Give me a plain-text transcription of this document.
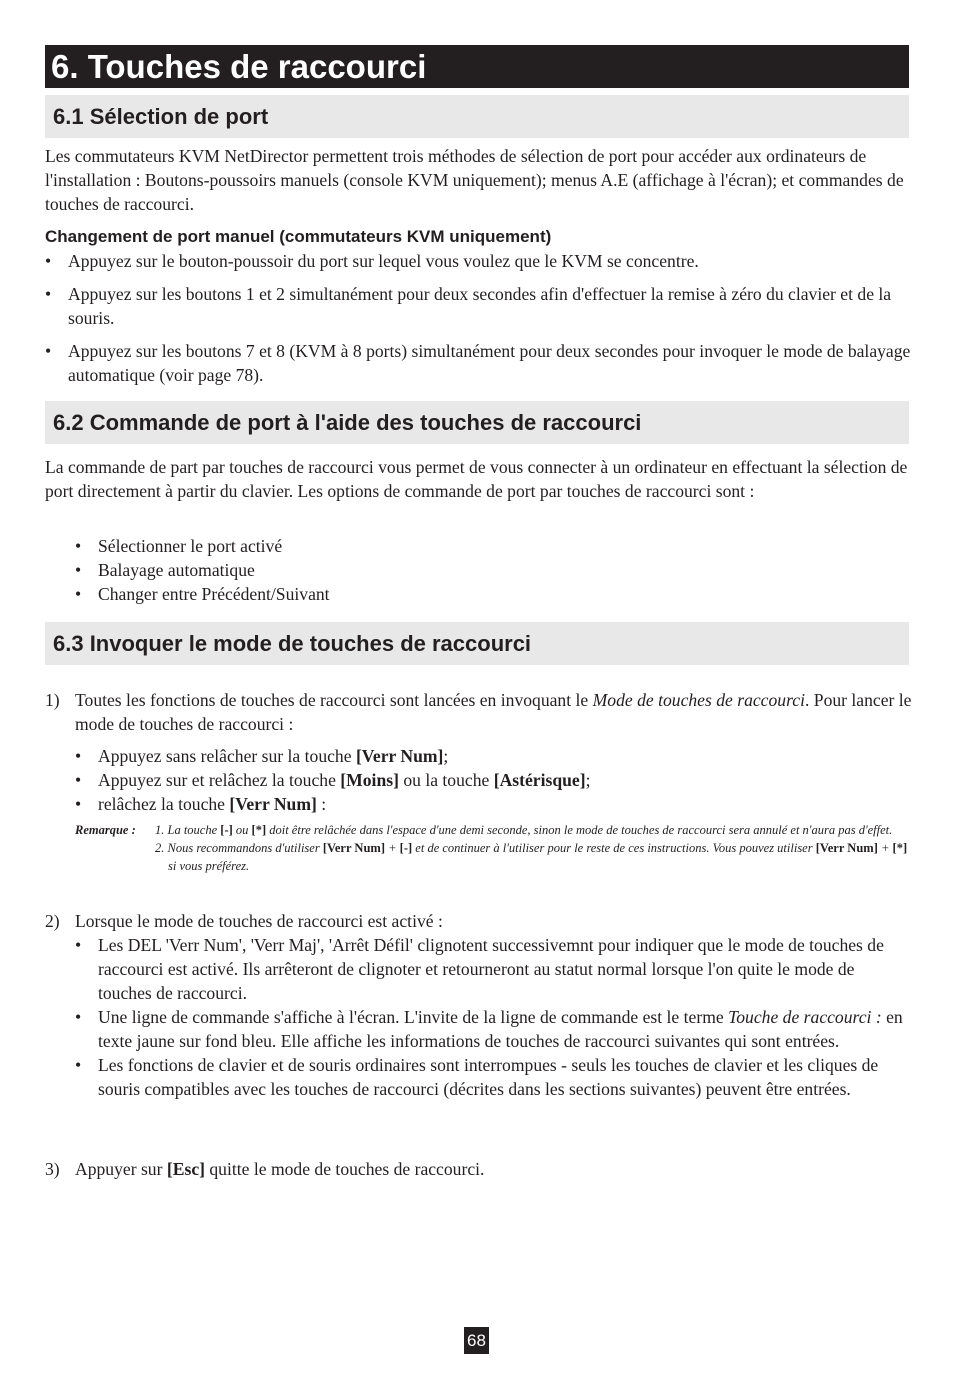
6. Touches de raccourci
6.1 Sélection de port

Les commutateurs KVM NetDirector permettent trois méthodes de sélection de port pour accéder aux ordinateurs de l'installation : Boutons-poussoirs manuels (console KVM uniquement); menus A.E (affichage à l'écran); et commandes de touches de raccourci.

Changement de port manuel (commutateurs KVM uniquement)
• Appuyez sur le bouton-poussoir du port sur lequel vous voulez que le KVM se concentre.
• Appuyez sur les boutons 1 et 2 simultanément pour deux secondes afin d'effectuer la remise à zéro du clavier et de la souris.
• Appuyez sur les boutons 7 et 8 (KVM à 8 ports) simultanément pour deux secondes pour invoquer le mode de balayage automatique (voir page 78).
6.2 Commande de port à l'aide des touches de raccourci

La commande de part par touches de raccourci vous permet de vous connecter à un ordinateur en effectuant la sélection de port directement à partir du clavier. Les options de commande de port par touches de raccourci sont :

• Sélectionner le port activé
• Balayage automatique
• Changer entre Précédent/Suivant
6.3 Invoquer le mode de touches de raccourci
1) Toutes les fonctions de touches de raccourci sont lancées en invoquant le Mode de touches de raccourci. Pour lancer le mode de touches de raccourci :

• Appuyez sans relâcher sur la touche [Verr Num];
• Appuyez sur et relâchez la touche [Moins] ou la touche [Astérisque];
• relâchez la touche [Verr Num] :
Remarque : 1. La touche [-] ou [*] doit être relâchée dans l'espace d'une demi seconde, sinon le mode de touches de raccourci sera annulé et n'aura pas d'effet.
2. Nous recommandons d'utiliser [Verr Num] + [-] et de continuer à l'utiliser pour le reste de ces instructions. Vous pouvez utiliser [Verr Num] + [*] si vous préférez.
2) Lorsque le mode de touches de raccourci est activé :

• Les DEL 'Verr Num', 'Verr Maj', 'Arrêt Défil' clignotent successivemnt pour indiquer que le mode de touches de raccourci est activé. Ils arrêteront de clignoter et retourneront au statut normal lorsque l'on quite le mode de touches de raccourci.
• Une ligne de commande s'affiche à l'écran. L'invite de la ligne de commande est le terme Touche de raccourci : en texte jaune sur fond bleu. Elle affiche les informations de touches de raccourci suivantes qui sont entrées.
• Les fonctions de clavier et de souris ordinaires sont interrompues - seuls les touches de clavier et les cliques de souris compatibles avec les touches de raccourci (décrites dans les sections suivantes) peuvent être entrées.
3) Appuyer sur [Esc] quitte le mode de touches de raccourci.

68
